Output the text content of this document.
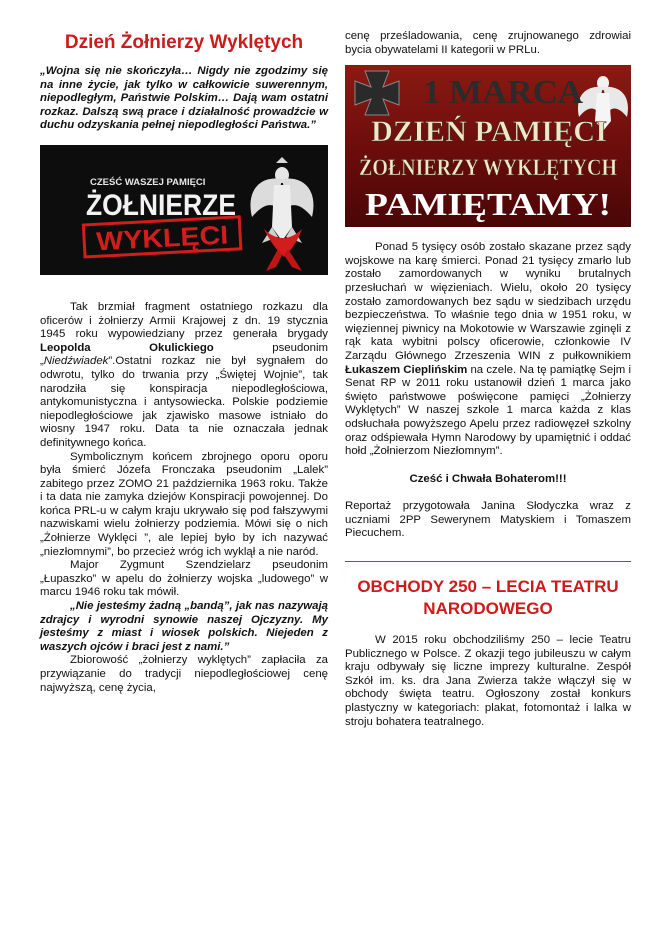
Dzień Żołnierzy Wyklętych

„Wojna się nie skończyła… Nigdy nie zgodzimy się na inne życie, jak tylko w całkowicie suwerennym, niepodległym, Państwie Polskim… Dają wam ostatni rozkaz. Dalszą swą prace i działalność prowadźcie w duchu odzyskania pełnej niepodległości Państwa.”

CZEŚĆ WASZEJ PAMIĘCI
ŻOŁNIERZE
WYKLĘCI

Tak brzmiał fragment ostatniego rozkazu dla oficerów i żołnierzy Armii Krajowej z dn. 19 stycznia 1945 roku wypowiedziany przez generała brygady Leopolda Okulickiego pseudonim „Niedźwiadek”.Ostatni rozkaz nie był sygnałem do odwrotu, tylko do trwania przy „Świętej Wojnie”, tak narodziła się konspiracja niepodległościowa, antykomunistyczna i antysowiecka. Polskie podziemie niepodległościowe jak zjawisko masowe istniało do wiosny 1947 roku. Data ta nie oznaczała jednak definitywnego końca.

Symbolicznym końcem zbrojnego oporu oporu była śmierć Józefa Fronczaka pseudonim „Lalek” zabitego przez ZOMO 21 października 1963 roku. Także i ta data nie zamyka dziejów Konspiracji powojennej. Do końca PRL-u w całym kraju ukrywało się pod fałszywymi nazwiskami wielu żołnierzy podziemia. Mówi się o nich „Żołnierze Wyklęci ”, ale lepiej było by ich nazywać „niezłomnymi”, bo przecież wróg ich wyklął a nie naród.

Major Zygmunt Szendzielarz pseudonim „Łupaszko” w apelu do żołnierzy wojska „ludowego” w marcu 1946 roku tak mówił.

„Nie jesteśmy żadną „bandą”, jak nas nazywają zdrajcy i wyrodni synowie naszej Ojczyzny. My jesteśmy z miast i wiosek polskich. Niejeden z waszych ojców i braci jest z nami.”

Zbiorowość „żołnierzy wyklętych” zapłaciła za przywiązanie do tradycji niepodległościowej cenę najwyższą, cenę życia,

cenę prześladowania, cenę zrujnowanego zdrowiai bycia obywatelami II kategorii w PRLu.

1 MARCA
DZIEŃ PAMIĘCI
ŻOŁNIERZY WYKLĘTYCH
PAMIĘTAMY!

Ponad 5 tysięcy osób zostało skazane przez sądy wojskowe na karę śmierci. Ponad 21 tysięcy zmarło lub zostało zamordowanych w wyniku brutalnych przesłuchań w więzieniach. Wielu, około 20 tysięcy zostało zamordowanych bez sądu w siedzibach urzędu bezpieczeństwa. To właśnie tego dnia w 1951 roku, w więziennej piwnicy na Mokotowie w Warszawie zginęli z rąk kata wybitni polscy oficerowie, członkowie IV Zarządu Głównego Zrzeszenia WIN z pułkownikiem Łukaszem Cieplińskim na czele. Na tę pamiątkę Sejm i Senat RP w 2011 roku ustanowił dzień 1 marca jako święto państwowe poświęcone pamięci „Żołnierzy Wyklętych” W naszej szkole 1 marca każda z klas odsłuchała powyższego Apelu przez radiowęzeł szkolny oraz odśpiewała Hymn Narodowy by upamiętnić i oddać hołd „Żołnierzom Niezłomnym”.

Cześć i Chwała Bohaterom!!!

Reportaż przygotowała Janina Słodyczka wraz z uczniami 2PP Sewerynem Matyskiem i Tomaszem Piecuchem.

OBCHODY 250 – LECIA TEATRU NARODOWEGO

W 2015 roku obchodziliśmy 250 – lecie Teatru Publicznego w Polsce. Z okazji tego jubileuszu w całym kraju odbywały się liczne imprezy kulturalne. Zespół Szkół im. ks. dra Jana Zwierza także włączył się w obchody święta teatru. Ogłoszony został konkurs plastyczny w kategoriach: plakat, fotomontaż i lalka w stroju bohatera teatralnego.
